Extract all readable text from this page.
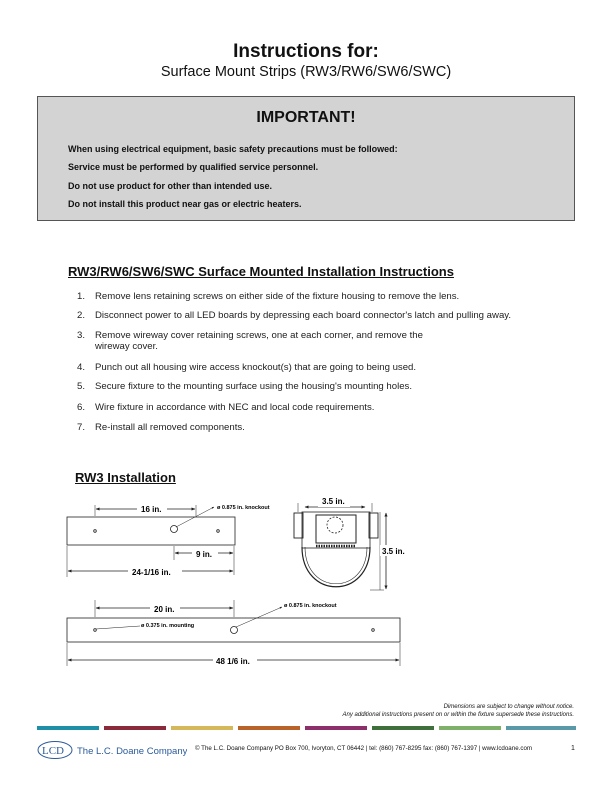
Instructions for:
Surface Mount Strips (RW3/RW6/SW6/SWC)
IMPORTANT!
When using electrical equipment, basic safety precautions must be followed:
Service must be performed by qualified service personnel.
Do not use product for other than intended use.
Do not install this product near gas or electric heaters.
RW3/RW6/SW6/SWC Surface Mounted Installation Instructions
1. Remove lens retaining screws on either side of the fixture housing to remove the lens.
2. Disconnect power to all LED boards by depressing each board connector's latch and pulling away.
3. Remove wireway cover retaining screws, one at each corner, and remove the
wireway cover.
4. Punch out all housing wire access knockout(s) that are going to being used.
5. Secure fixture to the mounting surface using the housing's mounting holes.
6. Wire fixture in accordance with NEC and local code requirements.
7. Re-install all removed components.
RW3 Installation
16 in.	ø 0.875 in. knockout
9 in.
24-1/16 in.
3.5 in.
3.5 in.
20 in.	ø 0.875 in. knockout
ø 0.375 in. mounting
48 1/6 in.
Dimensions are subject to change without notice.
Any additional instructions present on or within the fixture supersede these instructions.
LCD The L.C. Doane Company © The L.C. Doane Company PO Box 700, Ivoryton, CT 06442 | tel: (860) 767-8295 fax: (860) 767-1397 | www.lcdoane.com	1
